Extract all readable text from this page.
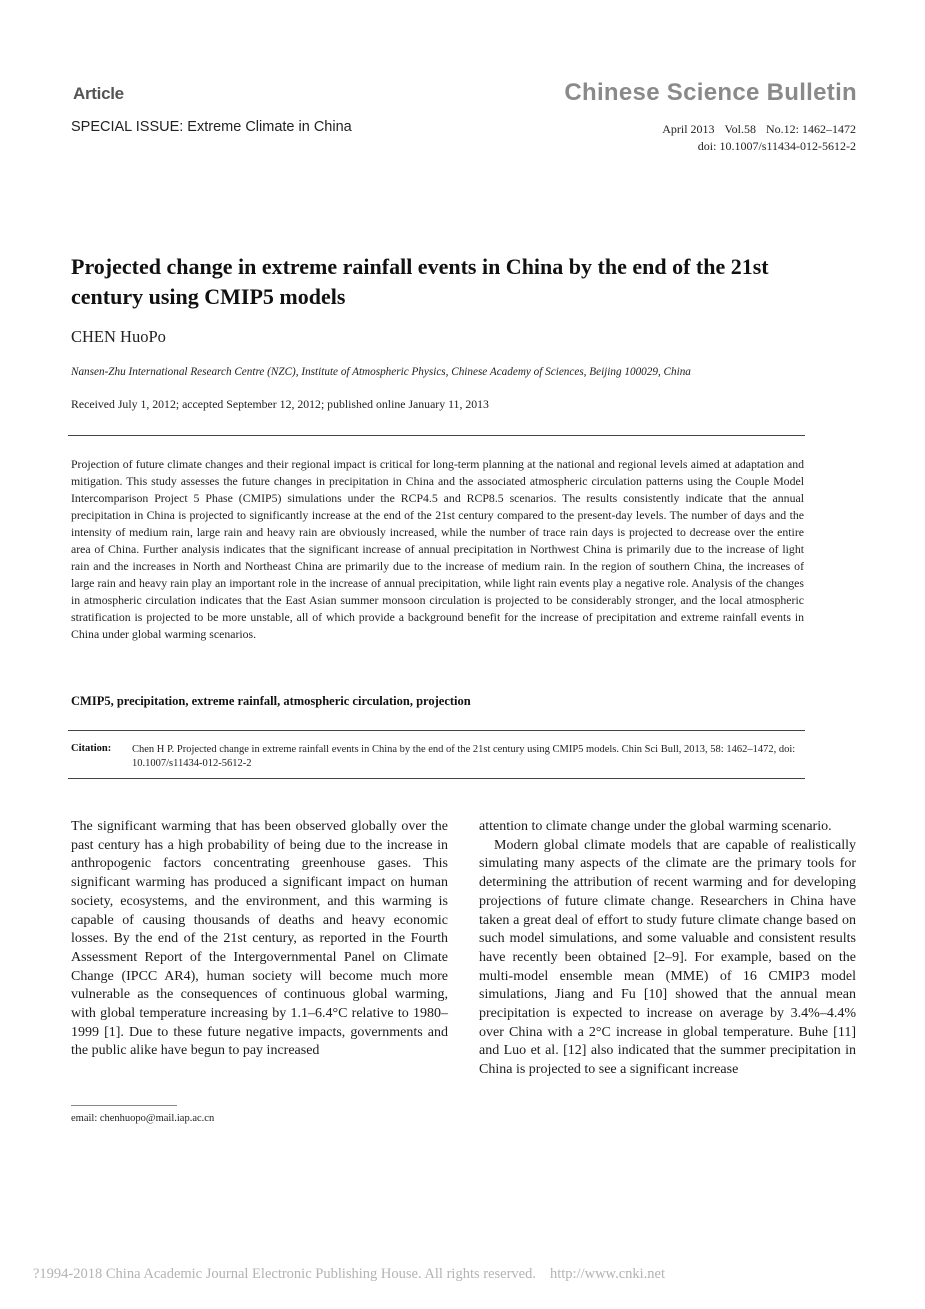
Article	Chinese Science Bulletin
SPECIAL ISSUE: Extreme Climate in China	April 2013 Vol.58 No.12: 1462–1472
doi: 10.1007/s11434-012-5612-2
Projected change in extreme rainfall events in China by the end of the 21st century using CMIP5 models
CHEN HuoPo
Nansen-Zhu International Research Centre (NZC), Institute of Atmospheric Physics, Chinese Academy of Sciences, Beijing 100029, China
Received July 1, 2012; accepted September 12, 2012; published online January 11, 2013
Projection of future climate changes and their regional impact is critical for long-term planning at the national and regional levels aimed at adaptation and mitigation. This study assesses the future changes in precipitation in China and the associated atmospheric circulation patterns using the Couple Model Intercomparison Project 5 Phase (CMIP5) simulations under the RCP4.5 and RCP8.5 scenarios. The results consistently indicate that the annual precipitation in China is projected to significantly increase at the end of the 21st century compared to the present-day levels. The number of days and the intensity of medium rain, large rain and heavy rain are obviously increased, while the number of trace rain days is projected to decrease over the entire area of China. Further analysis indicates that the significant increase of annual precipitation in Northwest China is primarily due to the increase of light rain and the increases in North and Northeast China are primarily due to the increase of medium rain. In the region of southern China, the increases of large rain and heavy rain play an important role in the increase of annual precipitation, while light rain events play a negative role. Analysis of the changes in atmospheric circulation indicates that the East Asian summer monsoon circulation is projected to be considerably stronger, and the local atmospheric stratification is projected to be more unstable, all of which provide a background benefit for the increase of precipitation and extreme rainfall events in China under global warming scenarios.
CMIP5, precipitation, extreme rainfall, atmospheric circulation, projection
Citation: Chen H P. Projected change in extreme rainfall events in China by the end of the 21st century using CMIP5 models. Chin Sci Bull, 2013, 58: 1462–1472, doi: 10.1007/s11434-012-5612-2
The significant warming that has been observed globally over the past century has a high probability of being due to the increase in anthropogenic factors concentrating greenhouse gases. This significant warming has produced a significant impact on human society, ecosystems, and the environment, and this warming is capable of causing thousands of deaths and heavy economic losses. By the end of the 21st century, as reported in the Fourth Assessment Report of the Intergovernmental Panel on Climate Change (IPCC AR4), human society will become much more vulnerable as the consequences of continuous global warming, with global temperature increasing by 1.1–6.4°C relative to 1980–1999 [1]. Due to these future negative impacts, governments and the public alike have begun to pay increased

attention to climate change under the global warming scenario.

Modern global climate models that are capable of realistically simulating many aspects of the climate are the primary tools for determining the attribution of recent warming and for developing projections of future climate change. Researchers in China have taken a great deal of effort to study future climate change based on such model simulations, and some valuable and consistent results have recently been obtained [2–9]. For example, based on the multi-model ensemble mean (MME) of 16 CMIP3 model simulations, Jiang and Fu [10] showed that the annual mean precipitation is expected to increase on average by 3.4%–4.4% over China with a 2°C increase in global temperature. Buhe [11] and Luo et al. [12] also indicated that the summer precipitation in China is projected to see a significant increase

email: chenhuopo@mail.iap.ac.cn
?1994-2018 China Academic Journal Electronic Publishing House. All rights reserved. http://www.cnki.net
